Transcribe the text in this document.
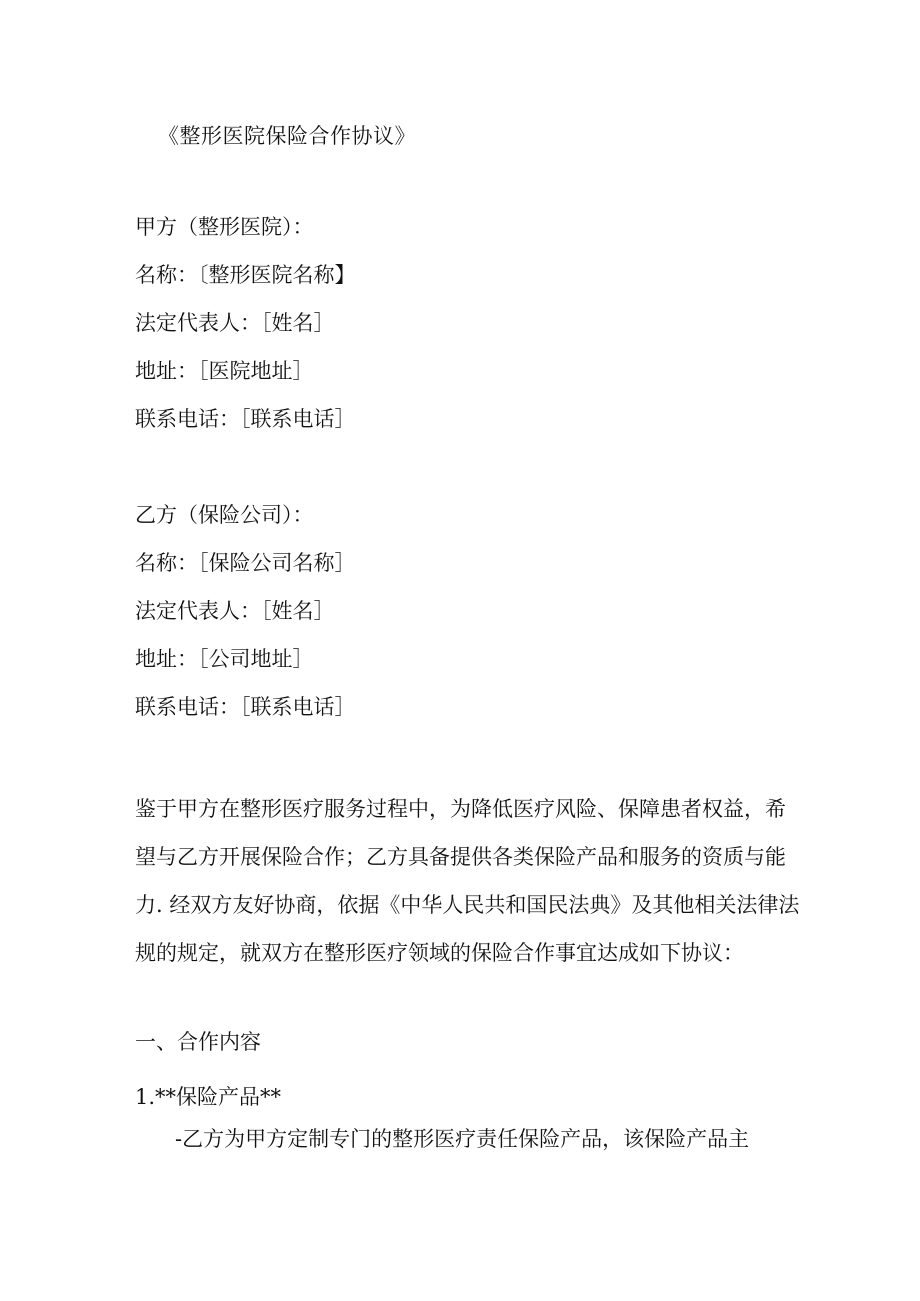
《整形医院保险合作协议》
甲方（整形医院）：
名称：〔整形医院名称】
法定代表人：［姓名］
地址：［医院地址］
联系电话：［联系电话］
乙方（保险公司）：
名称：［保险公司名称］
法定代表人：［姓名］
地址：［公司地址］
联系电话：［联系电话］
鉴于甲方在整形医疗服务过程中，为降低医疗风险、保障患者权益，希
望与乙方开展保险合作；乙方具备提供各类保险产品和服务的资质与能
力. 经双方友好协商，依据《中华人民共和国民法典》及其他相关法律法
规的规定，就双方在整形医疗领域的保险合作事宜达成如下协议：
一、合作内容
1.**保险产品**
-乙方为甲方定制专门的整形医疗责任保险产品，该保险产品主
